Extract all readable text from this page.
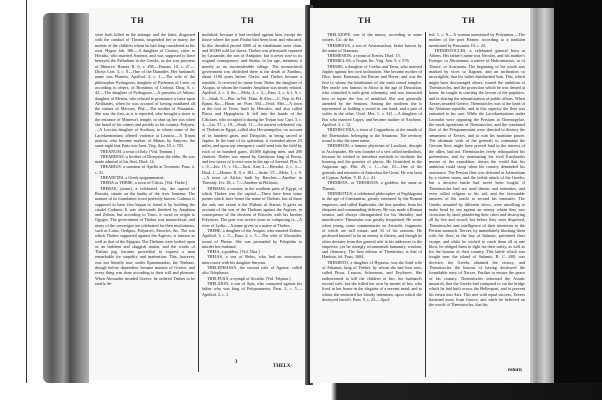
TH	TH

were both killed in the attempt, and the latter, disgusted with the conduct of Theano, suspended her or marry the mother of the children whom he had long considered as his own. Hygin. fab. 186.—A daughter of Cisseus, sister to Hecuba, who married Antenor, and was supposed to have betrayed the Palladium to the Greeks, as she was priestess of Minerva. Homer. Il. 6, v. 298.—Pausan. 10, c. 27.—Dictys Cret. 5, c. 8.—One of the Danaides. Her husband's name was Phantes. Apollod. 2, c. 1.—The wife of the philosopher Pythagoras, daughter of Pythonax of Crete, or according to others, of Brontinus of Crotona. Diog. 8, c. 42.—The daughter of Pythagoras.—A priestess of Athens, daughter of Menon, who refused to pronounce a curse upon Alcibiades, when he was accused of having mutilated all the statues of Mercury. Plut.—The mother of Pausanias. She was the first, as it is reported, who brought a stone to the entrance of Minerva's temple, to shut up her son when she heard of his crimes and perfidy to his country. Polyaen.—A Locrian daughter of Scedasis, to whom some of the Lacedaemonians offered violence at Leuctra.—A Trojan matron, who became mother of Mimas by Amycus, the same night that Paris was born. Virg. Aen. 10, v. 703.

THEANUM, a town of Italy. [Vid. Teanum.]

THEARIDAS, a brother of Dionysius the elder. He was made admiral of his fleet. Diod. 14.

THEARIUS, a surname of Apollo at Troezene. Paus. 2, c. 31.

THEATETES, a Greek epigrammatist.

THEBA or THEBE, a town of Cilicia. [Vid. Thebe.]

THEBAE, (arum), a celebrated city, the capital of Boeotia, situate on the banks of the river Ismenus. The manner of its foundation is not perfectly known. Cadmus is supposed to have first begun to found it by building the citadel Cadmea. It was afterwards finished by Amphion and Zethus, but according to Varro, it owed its origin to Ogyges. The government of Thebes was monarchical, and many of the sovereigns are celebrated for their misfortunes, such as Laius, Oedipus, Polynices, Eteocles, &c. The war which Thebes supported against the Argives, is famous as well as that of the Epigoni. The Thebans were looked upon as an indolent and sluggish nation, and the words of Theban pig, became proverbial to express a man remarkable for stupidity and inattention. This, however, was not literally true; under Epaminondas, the Thebans, though before dependent, became masters of Greece, and every thing was done according to their will and pleasure. When Alexander invaded Greece, he ordered Thebes to be totally de-

molished, because it had revolted against him, except the house where the poet Pindar had been born and educated. In this dreadful period 6000 of its inhabitants were slain, and 30,000 sold for slaves. Thebes was afterwards repaired by Cassander, the son of Antipater, but it never rose to its original consequence, and Strabo, in his age, mentions it merely as an inconsiderable village. The monarchical government was abolished there at the death of Xanthus, about 1190 years before Christ, and Thebes became a republic. It received its name from Thebe the daughter of Asopus, to whom the founder Amphion was nearly related. Apollod. 2, c. 4, &c.—Mela, 2, c. 3.—Paus. 2, c. 6, l. 9, c. 5.—Strab. 9.—Plut. in Pel. Flam. & Alex.—C. Nep. in Pel. Epam. &c.—Horat. art. Poet. 394.—Ovid. Met.—A town at the foot of Troas, built by Hercules, and also called Placia and Hypoplacia. It fell into the hands of the Cilicians, who occupied it during the Trojan war. Curt. 3, c. 4.—Liv. 37, c. 19.—Strab. 11.—An ancient celebrated city of Thebais in Egypt, called also Hecatompylos, on account of its hundred gates, and Diospolis, as being sacred to Jupiter. In the time of its splendour, it extended above 23 miles, and upon any emergency could send into the field by each of its hundred gates, 20,000 fighting men, and 200 chariots. Thebes was ruined by Cambyses king of Persia, and few traces of it were seen in the age of Juvenal. Plin. 5, c. 9.—Juv. 15, v. 16.—Tacit. Ann. 2.—Herodot. 2, c. 3.—Diod. 1.—Homer. Il. 9, v. 381.—Strab. 17.—Mela, 1, c. 9.—A town of Africa, built by Bacchus.—Another in Thessaly. Liv. 28, c. 7.—Another in Phthiotis.

THEBAIS, a country in the southern parts of Egypt, of which Thebes was the capital.—There have been some poems which have borne the name of Thebais, but of these the only one extant is the Thebais of Statius. It gives an account of the war of the Thebans against the Argives, in consequence of the division of Eteocles with his brother Polynices. The poet was twelve years in composing it.—A river of Lydia.—A name given to a native of Thebes.

THEBE, a daughter of the Asopus, who married Zethus. Apollod. 3, c. 5.—Paus. 2, c. 5.—The wife of Alexander, tyrant of Pherae. She was persuaded by Pelopidas to murder her husband.

THEIA, a goddess. [Vid. Thia.]

THEIAS, a son of Belus, who had an incestuous intercourse with his daughter Smyrna.

THELEPHASSA, the second wife of Agenor, called also Telephassa.

THELPUSA, a nymph of Arcadia. [Vid. Telpusa.]

THELXION, a son of Apis, who conspired against his father who was king of Peloponnesus. Paus. 2, c. 5.—Apollod. 2, c. 1.

3
THELX-
TH	TH

THELXIOPE, one of the muses, according to some writers. Cic. de fin.

THEMENUS, a son of Aristomachus, better known by the name of Temenus.

THEMESION, a tyrant of Eretria. Diod. 15.

THEMILLAS, a Trojan, &c. Virg. Aen. 9, v. 576.

THEMIS, a daughter of Coelus and Terra, who married Jupiter against her own inclination. She became mother of Dice, Irene, Eunomia, the Parcae and Horae; and was the first to whom the inhabitants of the earth raised temples. Her oracle was famous in Attica in the age of Deucalion, who consulted it with great solemnity, and was instructed how to repair the loss of mankind. She was generally attended by the Seasons. Among the moderns she is represented as holding a sword in one hand, and a pair of scales in the other. Ovid. Met. 1, v. 321.—A daughter of Ilus who married Capys, and became mother of Anchises. Apollod. 3, c. 12.

THEMISCYRA, a town of Cappadocia, at the mouth of the Thermodon, belonging to the Amazons. The territory round is also the same name.

THEMISON, a famous physician of Laodicea, disciple to Asclepiades. He was founder of a sect called methodists, because he wished to introduce methods to facilitate the learning and the practice of physic. He flourished in the Augustan age. Plin. 29, c. 1.—Juv. 10.—One of the generals and ministers of Antiochus the Great. He was born at Cyprus. Aelian. V. H. 2, c. 41.

THEMISTA, or THEMISTIS, a goddess, the same as Themis.

THEMISTIUS, a celebrated philosopher of Paphlagonia in the age of Constantius, greatly esteemed by the Roman emperors, and called Euphrades, the fine speaker, from his eloquent and commanding delivery. He was made a Roman senator, and always distinguished for his liberality and munificence. Themistius was greatly frequented. He wrote when young, some commentaries on Aristotle, fragments of which are still extant, and 33 of his orations. He professed himself to be an enemy to flattery, and though he often deviates from this general rule in his addresses to the emperors, yet he strongly recommends humanity, wisdom, and clemency. The best edition of Themistius, is that of Harduin, fol. Paris, 1684.

THEMISTO, a daughter of Hypseus, was the third wife of Athamas, king of Thebes, by whom she had four sons, called Ptous, Leucon, Schoeneus, and Erythroes. She endeavoured to kill the children of Ino, her husband's second wife, but she killed her own by means of Ino, who lived in her house in the disguise of a servant maid, and to whom she entrusted her bloody intentions, upon which she destroyed herself. Paus. 9, c. 23.—Apol-

lod. 1, c. 9.—A woman mentioned by Polyaenus.—The mother of the poet Homer, according to a tradition mentioned by Pausanias 10, c. 24.

THEMISTOCLES, a celebrated general born at Athens. His father's name was Neocles, and his mother's Euterpe, or Abrotonum, a native of Halicarnassus, or of Thrace, or Acarnania. The beginning of his youth was marked by vices so flagrant, and an inclination so incorrigible, that his father disinherited him. This, which might have discouraged others, roused the ambition of Themistocles, and the protection which he was denied at home, he sought in courting the favour of the populace, and in sharing the administration of public affairs. When Xerxes invaded Greece, Themistocles was at the head of the Athenian republic, and in this capacity the fleet was entrusted to his care. While the Lacedaemonians under Leonidas were opposing the Persians at Thermopylae, the naval operations of Themistocles, and the combined fleet of the Peloponnesians were directed to destroy the armament of Xerxes, and to ruin his maritime power. The obstinate wish of the generals to command the Grecian fleet, might have proved fatal to the interest of the allies, had not Themistocles freely relinquished his pretensions, and by nominating his rival Eurybiades master of the expedition, shewn the world that his ambition could stoop when his country demanded his assistance. The Persian fleet was defeated at Artemisium by a violent storm, and the feeble attack of the Greeks; but a decisive battle had never been fought, if Themistocles had not used threats and entreaties, and even called religion to his aid, and the favourable answers of the oracle to second his measures. The Greeks actuated by different views, were unwilling to make head by sea against an enemy whom they saw victorious by land, plundering their cities and destroying all by fire and sword; but before they were dispersed, Themistocles sent intelligence of their intentions to the Persian monarch. Xerxes, by immediately blocking them with his fleet, in the bay of Salamis, prevented their escape, and while he wished to crush them all at one blow, he obliged them to fight for their safety, as well as for the honour of their country. This battle which was fought near the island of Salamis, B. C. 480, was decisive, the Greeks obtained the victory, and Themistocles the honour of having destroyed the formidable navy of Xerxes. Further to ensure the peace of his country, Themistocles informed the Asiatic monarch, that the Greeks had conspired to cut the bridge which he had built across the Hellespont, and to prevent his return into Asia. This met with equal success, Xerxes hastened away from Greece, and while he believed on the words of Themistocles, that his

return
